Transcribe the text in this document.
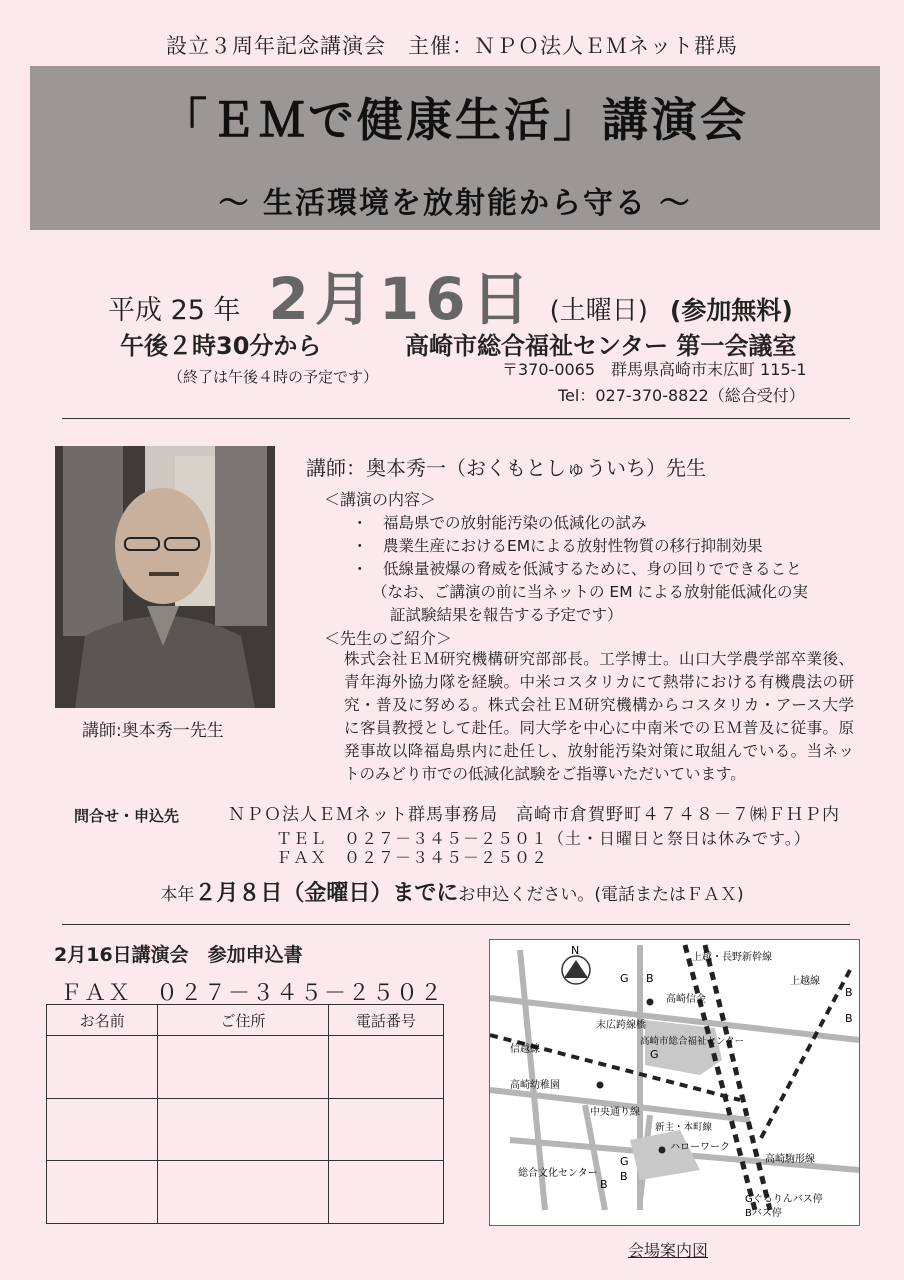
設立３周年記念講演会　主催：ＮＰＯ法人ＥＭネット群馬
「ＥＭで健康生活」講演会
～ 生活環境を放射能から守る ～
平成 25 年 2月16日 (土曜日) (参加無料)
午後２時30分から
（終了は午後４時の予定です）
高崎市総合福祉センター 第一会議室
〒370-0065　群馬県高崎市末広町 115-1
Tel：027-370-8822（総合受付）
講師:奥本秀一先生
講師：奥本秀一（おくもとしゅういち）先生
＜講演の内容＞
・　福島県での放射能汚染の低減化の試み
・　農業生産におけるEMによる放射性物質の移行抑制効果
・　低線量被爆の脅威を低減するために、身の回りでできること
（なお、ご講演の前に当ネットの EM による放射能低減化の実
証試験結果を報告する予定です）
＜先生のご紹介＞
株式会社ＥＭ研究機構研究部部長。工学博士。山口大学農学部卒業後、青年海外協力隊を経験。中米コスタリカにて熱帯における有機農法の研究・普及に努める。株式会社ＥＭ研究機構からコスタリカ・アース大学に客員教授として赴任。同大学を中心に中南米でのＥＭ普及に従事。原発事故以降福島県内に赴任し、放射能汚染対策に取組んでいる。当ネットのみどり市での低減化試験をご指導いただいています。
問合せ・申込先	ＮＰＯ法人ＥＭネット群馬事務局　高崎市倉賀野町４７４８－７㈱ＦＨＰ内
ＴＥＬ　０２７－３４５－２５０１（土・日曜日と祭日は休みです。）
ＦＡＸ　０２７－３４５－２５０２
本年２月８日（金曜日）までにお申込ください。(電話またはＦＡＸ)
2月16日講演会　参加申込書
ＦＡＸ　０２７－３４５－２５０２
お名前	ご住所	電話番号

N
G B
B
B
G
G
B
B
上越・長野新幹線
上越線
高崎信金
末広跨線橋
高崎市総合福祉センター
信越線
高崎幼稚園
中央通り線
新主・本町線
ハローワーク
総合文化センター
高崎駒形線
Gぐるりんバス停
Bバス停
会場案内図
